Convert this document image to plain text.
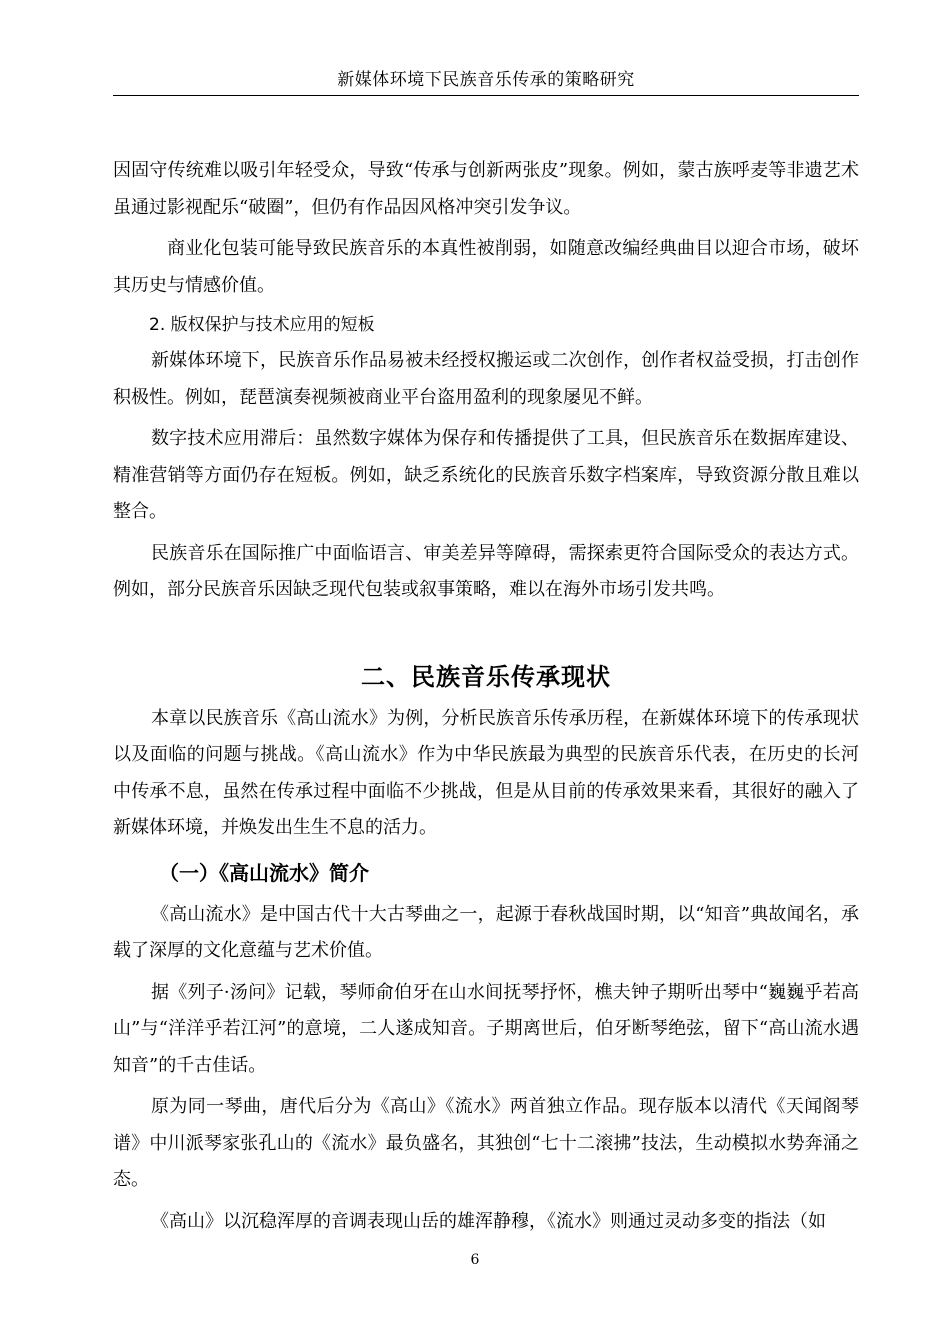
新媒体环境下民族音乐传承的策略研究

因固守传统难以吸引年轻受众，导致“传承与创新两张皮”现象。例如，蒙古族呼麦等非遗艺术虽通过影视配乐“破圈”，但仍有作品因风格冲突引发争议。

商业化包装可能导致民族音乐的本真性被削弱，如随意改编经典曲目以迎合市场，破坏其历史与情感价值。

2. 版权保护与技术应用的短板

新媒体环境下，民族音乐作品易被未经授权搬运或二次创作，创作者权益受损，打击创作积极性。例如，琵琶演奏视频被商业平台盗用盈利的现象屡见不鲜。

数字技术应用滞后：虽然数字媒体为保存和传播提供了工具，但民族音乐在数据库建设、精准营销等方面仍存在短板。例如，缺乏系统化的民族音乐数字档案库，导致资源分散且难以整合。

民族音乐在国际推广中面临语言、审美差异等障碍，需探索更符合国际受众的表达方式。例如，部分民族音乐因缺乏现代包装或叙事策略，难以在海外市场引发共鸣。

二、民族音乐传承现状

本章以民族音乐《高山流水》为例，分析民族音乐传承历程，在新媒体环境下的传承现状以及面临的问题与挑战。《高山流水》作为中华民族最为典型的民族音乐代表，在历史的长河中传承不息，虽然在传承过程中面临不少挑战，但是从目前的传承效果来看，其很好的融入了新媒体环境，并焕发出生生不息的活力。

（一）《高山流水》简介

《高山流水》是中国古代十大古琴曲之一，起源于春秋战国时期，以“知音”典故闻名，承载了深厚的文化意蕴与艺术价值。

据《列子·汤问》记载，琴师俞伯牙在山水间抚琴抒怀，樵夫钟子期听出琴中“巍巍乎若高山”与“洋洋乎若江河”的意境，二人遂成知音。子期离世后，伯牙断琴绝弦，留下“高山流水遇知音”的千古佳话。

原为同一琴曲，唐代后分为《高山》《流水》两首独立作品。现存版本以清代《天闻阁琴谱》中川派琴家张孔山的《流水》最负盛名，其独创“七十二滚拂”技法，生动模拟水势奔涌之态。

《高山》以沉稳浑厚的音调表现山岳的雄浑静穆，《流水》则通过灵动多变的指法（如

6
